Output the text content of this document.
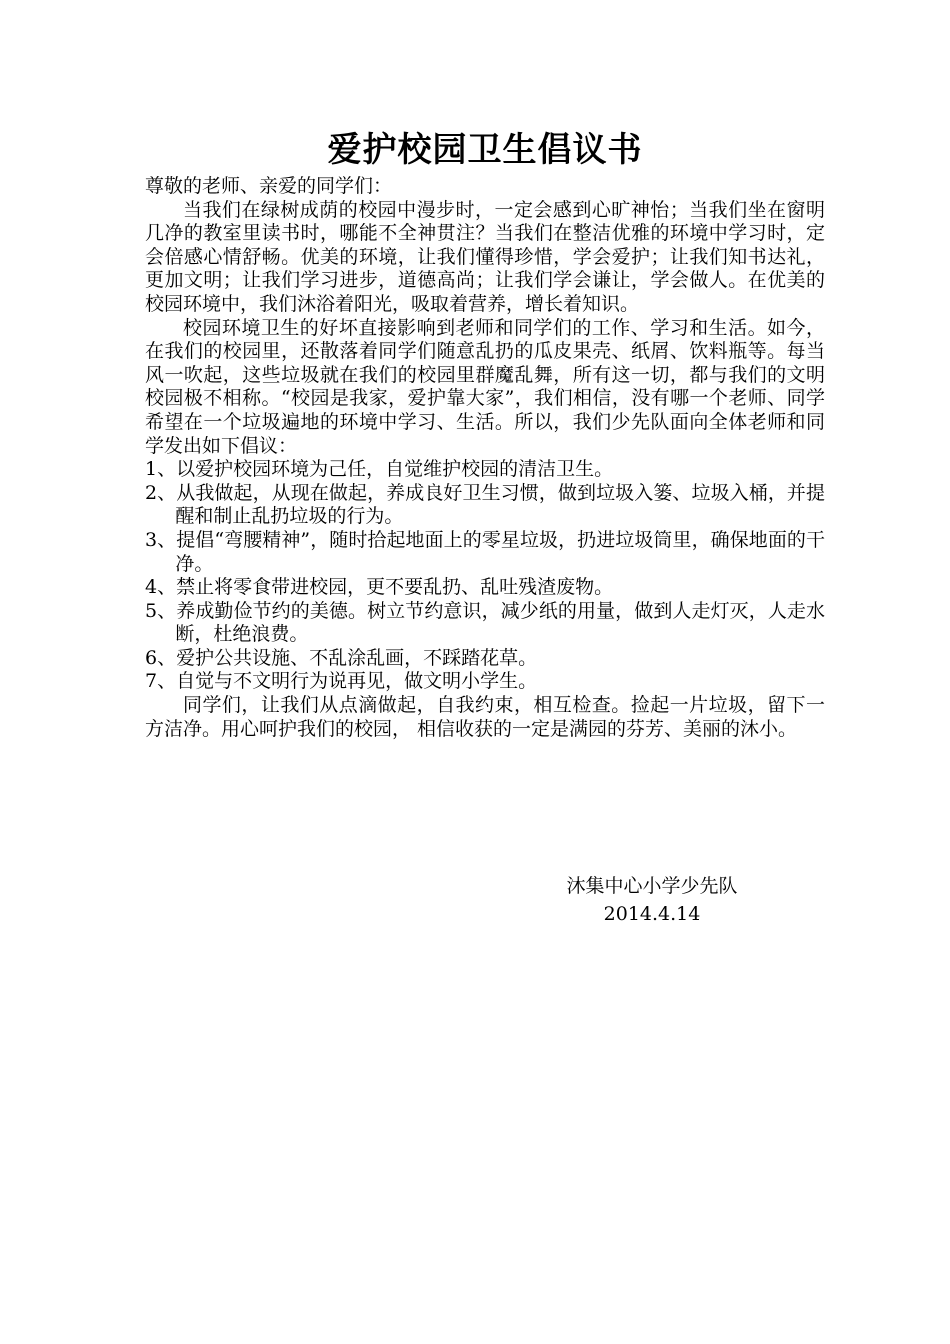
爱护校园卫生倡议书

尊敬的老师、亲爱的同学们：

当我们在绿树成荫的校园中漫步时，一定会感到心旷神怡；当我们坐在窗明几净的教室里读书时，哪能不全神贯注？当我们在整洁优雅的环境中学习时，定会倍感心情舒畅。优美的环境，让我们懂得珍惜，学会爱护；让我们知书达礼，更加文明；让我们学习进步，道德高尚；让我们学会谦让，学会做人。在优美的校园环境中，我们沐浴着阳光，吸取着营养，增长着知识。

校园环境卫生的好坏直接影响到老师和同学们的工作、学习和生活。如今，在我们的校园里，还散落着同学们随意乱扔的瓜皮果壳、纸屑、饮料瓶等。每当风一吹起，这些垃圾就在我们的校园里群魔乱舞，所有这一切，都与我们的文明校园极不相称。“校园是我家，爱护靠大家”，我们相信，没有哪一个老师、同学希望在一个垃圾遍地的环境中学习、生活。所以，我们少先队面向全体老师和同学发出如下倡议：

1、以爱护校园环境为己任，自觉维护校园的清洁卫生。
2、从我做起，从现在做起，养成良好卫生习惯，做到垃圾入篓、垃圾入桶，并提醒和制止乱扔垃圾的行为。
3、提倡“弯腰精神”，随时拾起地面上的零星垃圾，扔进垃圾筒里，确保地面的干净。
4、禁止将零食带进校园，更不要乱扔、乱吐残渣废物。
5、养成勤俭节约的美德。树立节约意识，减少纸的用量，做到人走灯灭，人走水断，杜绝浪费。
6、爱护公共设施、不乱涂乱画，不踩踏花草。
7、自觉与不文明行为说再见，做文明小学生。

同学们，让我们从点滴做起，自我约束，相互检查。捡起一片垃圾，留下一方洁净。用心呵护我们的校园， 相信收获的一定是满园的芬芳、美丽的沐小。

沐集中心小学少先队
2014.4.14
